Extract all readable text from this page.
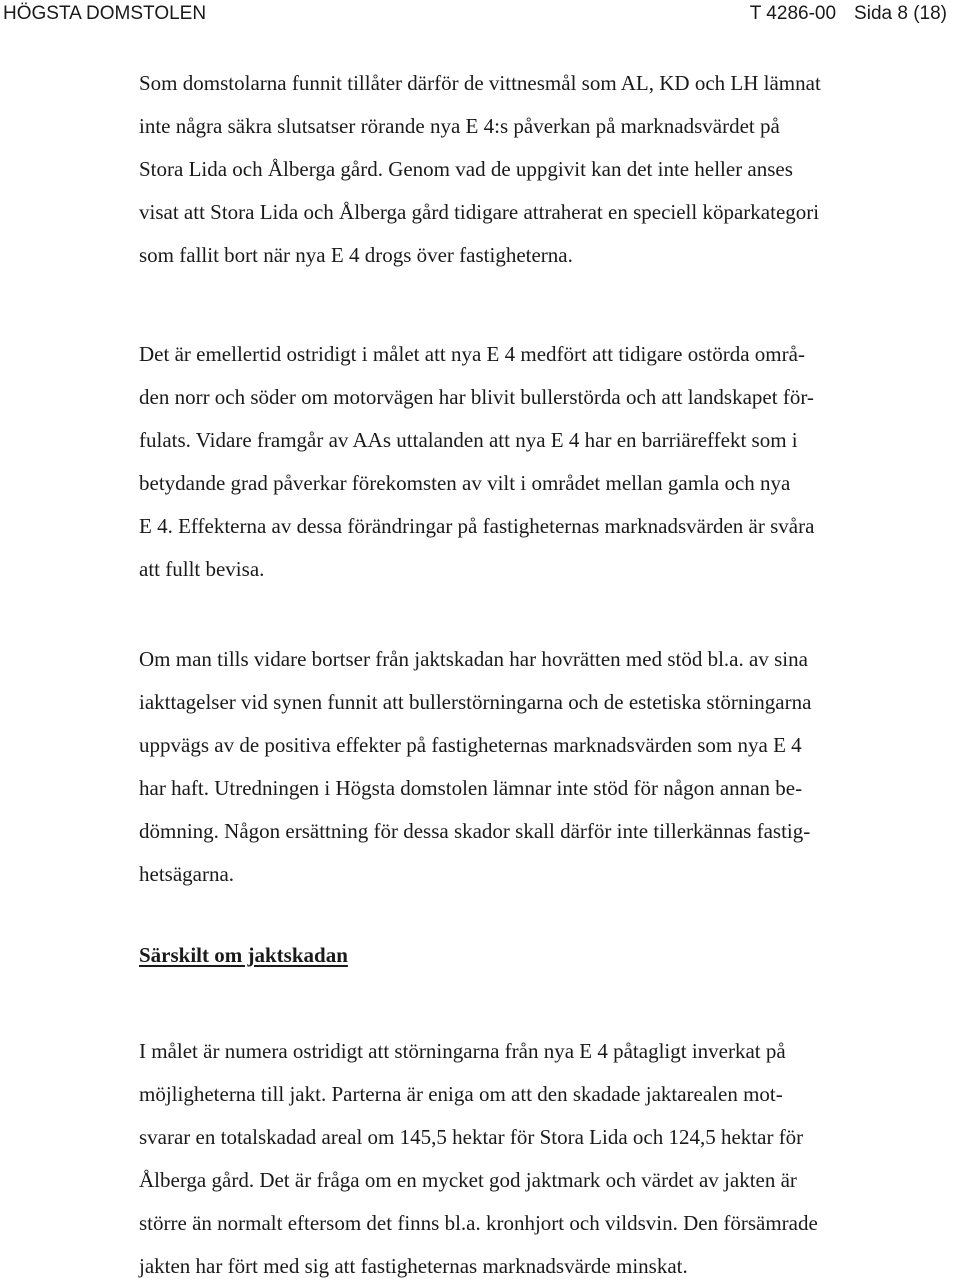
HÖGSTA DOMSTOLEN	T 4286-00 Sida 8 (18)
Som domstolarna funnit tillåter därför de vittnesmål som AL, KD och LH lämnat
inte några säkra slutsatser rörande nya E 4:s påverkan på marknadsvärdet på
Stora Lida och Ålberga gård. Genom vad de uppgivit kan det inte heller anses
visat att Stora Lida och Ålberga gård tidigare attraherat en speciell köparkategori
som fallit bort när nya E 4 drogs över fastigheterna.
Det är emellertid ostridigt i målet att nya E 4 medfört att tidigare ostörda områ-
den norr och söder om motorvägen har blivit bullerstörda och att landskapet för-
fulats. Vidare framgår av AAs uttalanden att nya E 4 har en barriäreffekt som i
betydande grad påverkar förekomsten av vilt i området mellan gamla och nya
E 4. Effekterna av dessa förändringar på fastigheternas marknadsvärden är svåra
att fullt bevisa.
Om man tills vidare bortser från jaktskadan har hovrätten med stöd bl.a. av sina
iakttagelser vid synen funnit att bullerstörningarna och de estetiska störningarna
uppvägs av de positiva effekter på fastigheternas marknadsvärden som nya E 4
har haft. Utredningen i Högsta domstolen lämnar inte stöd för någon annan be-
dömning. Någon ersättning för dessa skador skall därför inte tillerkännas fastig-
hetsägarna.
Särskilt om jaktskadan
I målet är numera ostridigt att störningarna från nya E 4 påtagligt inverkat på
möjligheterna till jakt. Parterna är eniga om att den skadade jaktarealen mot-
svarar en totalskadad areal om 145,5 hektar för Stora Lida och 124,5 hektar för
Ålberga gård. Det är fråga om en mycket god jaktmark och värdet av jakten är
större än normalt eftersom det finns bl.a. kronhjort och vildsvin. Den försämrade
jakten har fört med sig att fastigheternas marknadsvärde minskat.
